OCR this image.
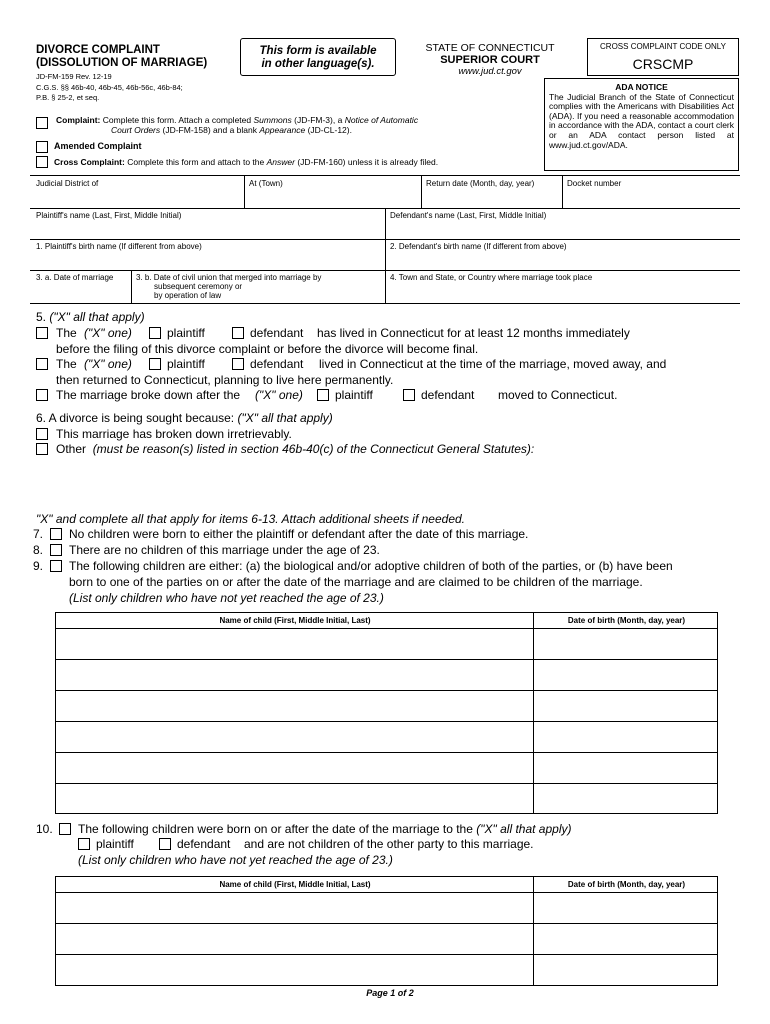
DIVORCE COMPLAINT
(DISSOLUTION OF MARRIAGE)
JD-FM-159 Rev. 12-19
C.G.S. §§ 46b-40, 46b-45, 46b-56c, 46b-84;
P.B. § 25-2, et seq.
This form is available
in other language(s).
STATE OF CONNECTICUT
SUPERIOR COURT
www.jud.ct.gov
CROSS COMPLAINT CODE ONLY
CRSCMP
ADA NOTICE
The Judicial Branch of the State of Connecticut complies with the Americans with Disabilities Act (ADA). If you need a reasonable accommodation in accordance with the ADA, contact a court clerk or an ADA contact person listed at www.jud.ct.gov/ADA.
Complaint: Complete this form. Attach a completed Summons (JD-FM-3), a Notice of Automatic
Court Orders (JD-FM-158) and a blank Appearance (JD-CL-12).
Amended Complaint
Cross Complaint: Complete this form and attach to the Answer (JD-FM-160) unless it is already filed.
Judicial District of	At (Town)	Return date (Month, day, year)	Docket number
Plaintiff's name (Last, First, Middle Initial)	Defendant's name (Last, First, Middle Initial)
1. Plaintiff's birth name (If different from above)	2. Defendant's birth name (If different from above)
3. a. Date of marriage	3. b. Date of civil union that merged into marriage by
subsequent ceremony or
by operation of law
4. Town and State, or Country where marriage took place
5. ("X" all that apply)
The ("X" one)	plaintiff	defendant has lived in Connecticut for at least 12 months immediately
before the filing of this divorce complaint or before the divorce will become final.
The ("X" one)	plaintiff	defendant lived in Connecticut at the time of the marriage, moved away, and
then returned to Connecticut, planning to live here permanently.
The marriage broke down after the ("X" one)	plaintiff	defendant moved to Connecticut.
6. A divorce is being sought because: ("X" all that apply)
This marriage has broken down irretrievably.
Other (must be reason(s) listed in section 46b-40(c) of the Connecticut General Statutes):
"X" and complete all that apply for items 6-13. Attach additional sheets if needed.
7. No children were born to either the plaintiff or defendant after the date of this marriage.
8. There are no children of this marriage under the age of 23.
9. The following children are either: (a) the biological and/or adoptive children of both of the parties, or (b) have been
born to one of the parties on or after the date of the marriage and are claimed to be children of the marriage.
(List only children who have not yet reached the age of 23.)
Name of child (First, Middle Initial, Last)	Date of birth (Month, day, year)
10. The following children were born on or after the date of the marriage to the ("X" all that apply)
plaintiff	defendant and are not children of the other party to this marriage.
(List only children who have not yet reached the age of 23.)
Name of child (First, Middle Initial, Last)	Date of birth (Month, day, year)
Page 1 of 2
